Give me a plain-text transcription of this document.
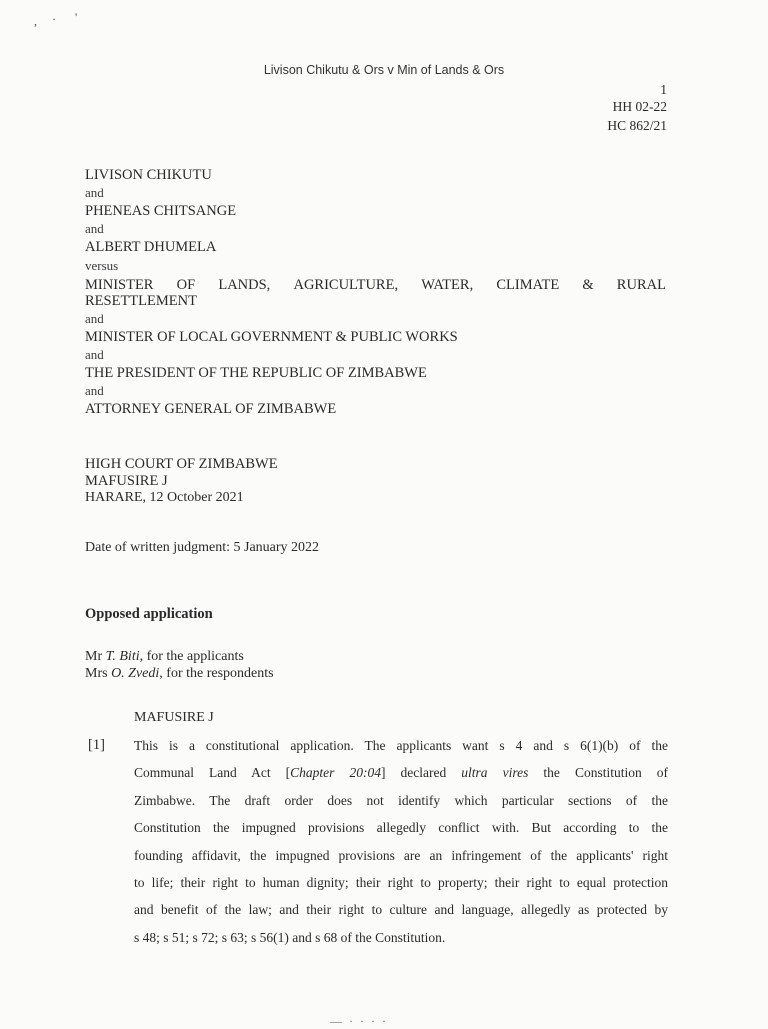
, · '
Livison Chikutu & Ors v Min of Lands & Ors
1
HH 02-22
HC 862/21
LIVISON CHIKUTU
and
PHENEAS CHITSANGE
and
ALBERT DHUMELA
versus
MINISTER OF LANDS, AGRICULTURE, WATER, CLIMATE & RURAL
RESETTLEMENT
and
MINISTER OF LOCAL GOVERNMENT & PUBLIC WORKS
and
THE PRESIDENT OF THE REPUBLIC OF ZIMBABWE
and
ATTORNEY GENERAL OF ZIMBABWE
HIGH COURT OF ZIMBABWE
MAFUSIRE J
HARARE, 12 October 2021
Date of written judgment: 5 January 2022
Opposed application
Mr T. Biti, for the applicants
Mrs O. Zvedi, for the respondents
MAFUSIRE J
[1] This is a constitutional application. The applicants want s 4 and s 6(1)(b) of the
Communal Land Act [Chapter 20:04] declared ultra vires the Constitution of
Zimbabwe. The draft order does not identify which particular sections of the
Constitution the impugned provisions allegedly conflict with. But according to the
founding affidavit, the impugned provisions are an infringement of the applicants' right
to life; their right to human dignity; their right to property; their right to equal protection
and benefit of the law; and their right to culture and language, allegedly as protected by
s 48; s 51; s 72; s 63; s 56(1) and s 68 of the Constitution.
— · · · ·
